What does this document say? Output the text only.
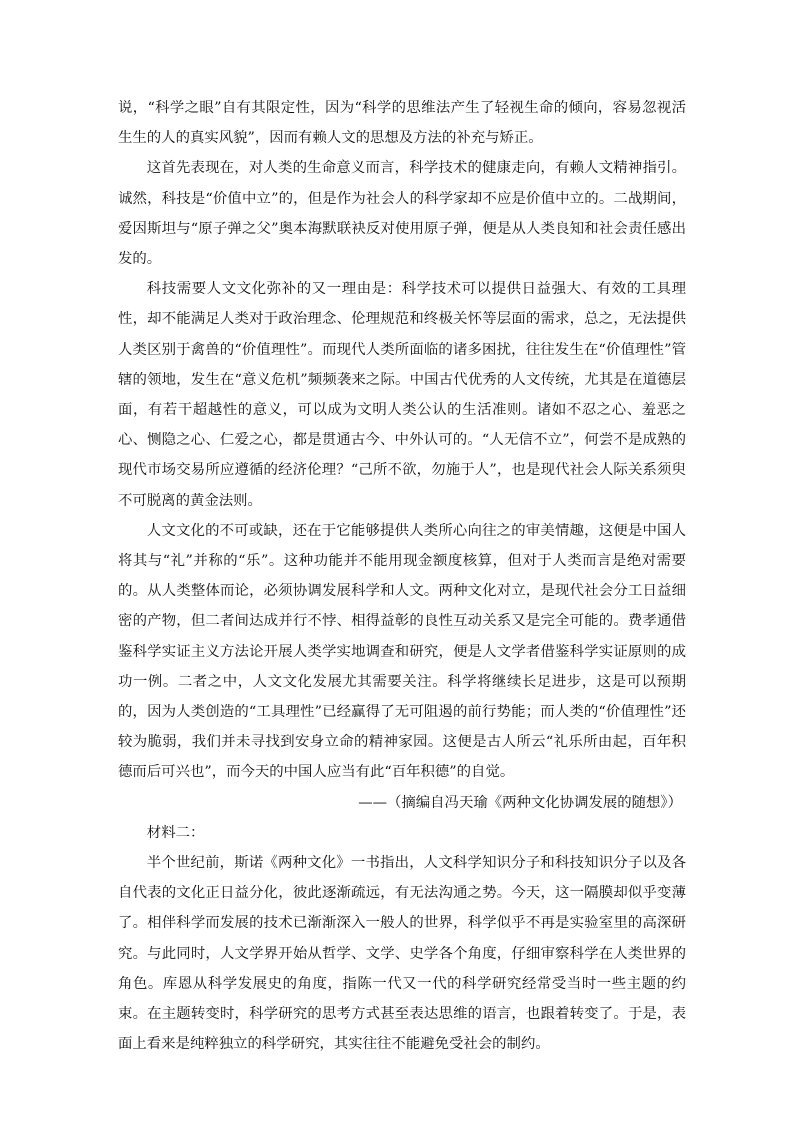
说，“科学之眼”自有其限定性，因为“科学的思维法产生了轻视生命的倾向，容易忽视活生生的人的真实风貌”，因而有赖人文的思想及方法的补充与矫正。

这首先表现在，对人类的生命意义而言，科学技术的健康走向，有赖人文精神指引。诚然，科技是“价值中立”的，但是作为社会人的科学家却不应是价值中立的。二战期间，爱因斯坦与“原子弹之父”奥本海默联袂反对使用原子弹，便是从人类良知和社会责任感出发的。

科技需要人文文化弥补的又一理由是：科学技术可以提供日益强大、有效的工具理性，却不能满足人类对于政治理念、伦理规范和终极关怀等层面的需求，总之，无法提供人类区别于禽兽的“价值理性”。而现代人类所面临的诸多困扰，往往发生在“价值理性”管辖的领地，发生在“意义危机”频频袭来之际。中国古代优秀的人文传统，尤其是在道德层面，有若干超越性的意义，可以成为文明人类公认的生活准则。诸如不忍之心、羞恶之心、恻隐之心、仁爱之心，都是贯通古今、中外认可的。“人无信不立”，何尝不是成熟的现代市场交易所应遵循的经济伦理？“己所不欲，勿施于人”，也是现代社会人际关系须臾不可脱离的黄金法则。

人文文化的不可或缺，还在于它能够提供人类所心向往之的审美情趣，这便是中国人将其与“礼”并称的“乐”。这种功能并不能用现金额度核算，但对于人类而言是绝对需要的。从人类整体而论，必须协调发展科学和人文。两种文化对立，是现代社会分工日益细密的产物，但二者间达成并行不悖、相得益彰的良性互动关系又是完全可能的。费孝通借鉴科学实证主义方法论开展人类学实地调查和研究，便是人文学者借鉴科学实证原则的成功一例。二者之中，人文文化发展尤其需要关注。科学将继续长足进步，这是可以预期的，因为人类创造的“工具理性”已经赢得了无可阻遏的前行势能；而人类的“价值理性”还较为脆弱，我们并未寻找到安身立命的精神家园。这便是古人所云“礼乐所由起，百年积德而后可兴也”，而今天的中国人应当有此“百年积德”的自觉。

——（摘编自冯天瑜《两种文化协调发展的随想》）

材料二：

半个世纪前，斯诺《两种文化》一书指出，人文科学知识分子和科技知识分子以及各自代表的文化正日益分化，彼此逐渐疏远，有无法沟通之势。今天，这一隔膜却似乎变薄了。相伴科学而发展的技术已渐渐深入一般人的世界，科学似乎不再是实验室里的高深研究。与此同时，人文学界开始从哲学、文学、史学各个角度，仔细审察科学在人类世界的角色。库恩从科学发展史的角度，指陈一代又一代的科学研究经常受当时一些主题的约束。在主题转变时，科学研究的思考方式甚至表达思维的语言，也跟着转变了。于是，表面上看来是纯粹独立的科学研究，其实往往不能避免受社会的制约。
